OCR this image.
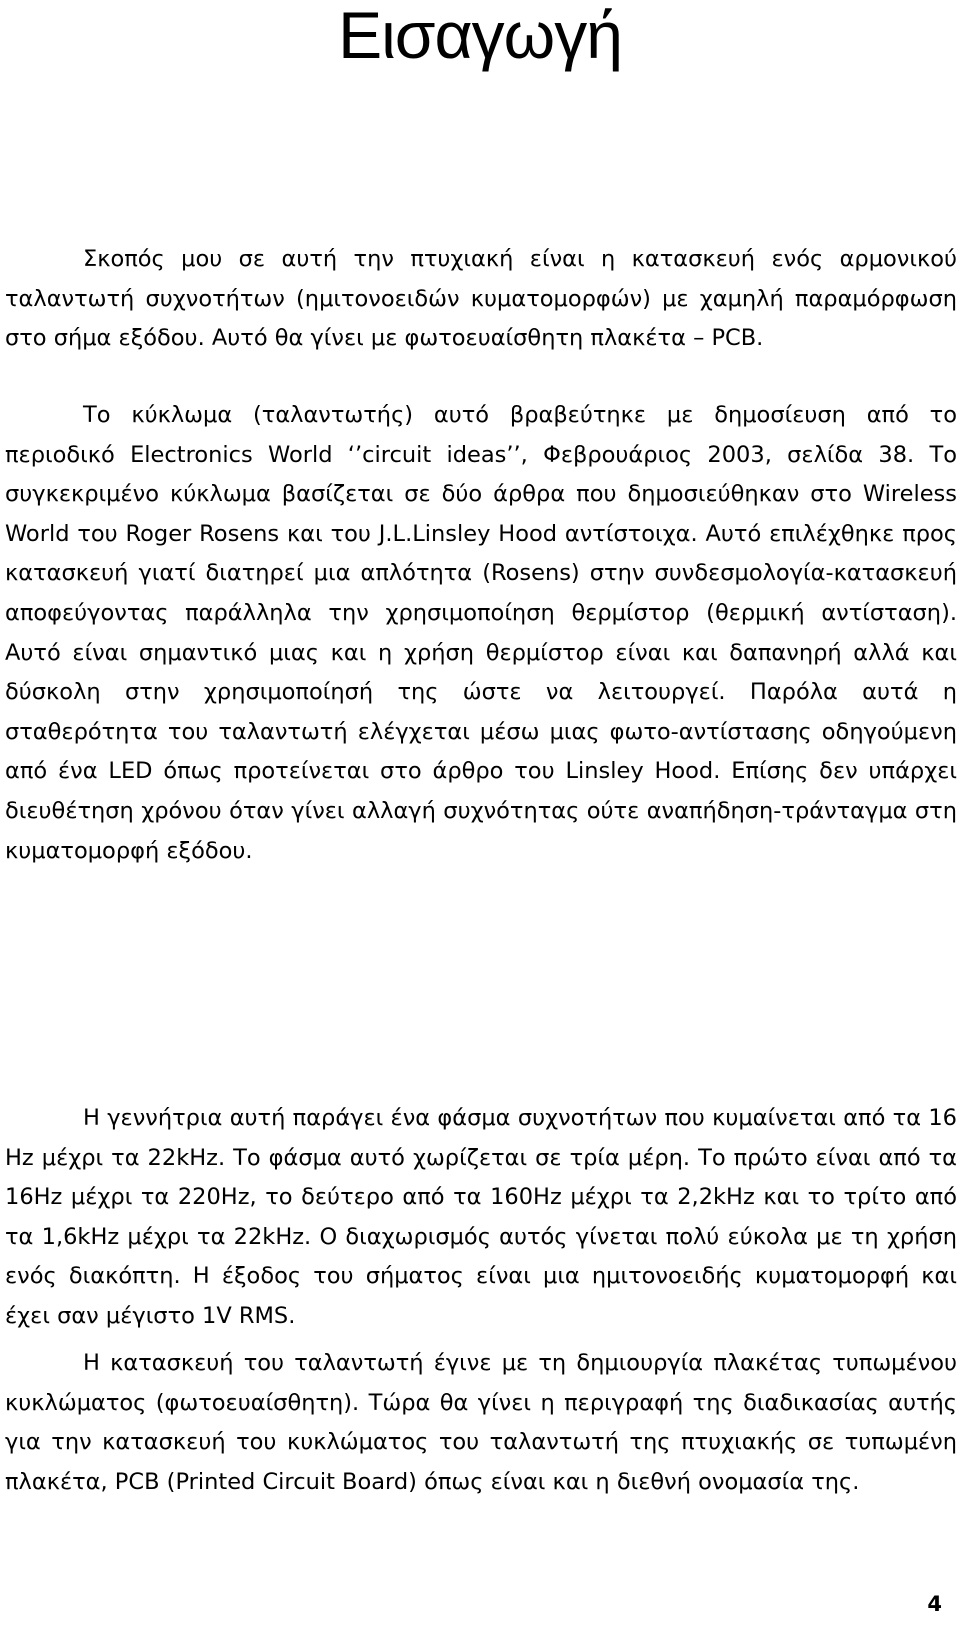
Εισαγωγή

Σκοπός μου σε αυτή την πτυχιακή είναι η κατασκευή ενός αρμονικού ταλαντωτή συχνοτήτων (ημιτονοειδών κυματομορφών) με χαμηλή παραμόρφωση στο σήμα εξόδου. Αυτό θα γίνει με φωτοευαίσθητη πλακέτα – PCB.

Το κύκλωμα (ταλαντωτής) αυτό βραβεύτηκε με δημοσίευση από το περιοδικό Electronics World ‘’circuit ideas’’, Φεβρουάριος 2003, σελίδα 38. Το συγκεκριμένο κύκλωμα βασίζεται σε δύο άρθρα που δημοσιεύθηκαν στο Wireless World του Roger Rosens και του J.L.Linsley Hood αντίστοιχα. Αυτό επιλέχθηκε προς κατασκευή γιατί διατηρεί μια απλότητα (Rosens) στην συνδεσμολογία-κατασκευή αποφεύγοντας παράλληλα την χρησιμοποίηση θερμίστορ (θερμική αντίσταση). Αυτό είναι σημαντικό μιας και η χρήση θερμίστορ είναι και δαπανηρή αλλά και δύσκολη στην χρησιμοποίησή της ώστε να λειτουργεί. Παρόλα αυτά η σταθερότητα του ταλαντωτή ελέγχεται μέσω μιας φωτο-αντίστασης οδηγούμενη από ένα LED όπως προτείνεται στο άρθρο του Linsley Hood. Επίσης δεν υπάρχει διευθέτηση χρόνου όταν γίνει αλλαγή συχνότητας ούτε αναπήδηση-τράνταγμα στη κυματομορφή εξόδου.

Η γεννήτρια αυτή παράγει ένα φάσμα συχνοτήτων που κυμαίνεται από τα 16 Hz μέχρι τα 22kHz. Το φάσμα αυτό χωρίζεται σε τρία μέρη. Το πρώτο είναι από τα 16Hz μέχρι τα 220Hz, το δεύτερο από τα 160Hz μέχρι τα 2,2kHz και το τρίτο από τα 1,6kHz μέχρι τα 22kHz. Ο διαχωρισμός αυτός γίνεται πολύ εύκολα με τη χρήση ενός διακόπτη. Η έξοδος του σήματος είναι μια ημιτονοειδής κυματομορφή και έχει σαν μέγιστο 1V RMS.

Η κατασκευή του ταλαντωτή έγινε με τη δημιουργία πλακέτας τυπωμένου κυκλώματος (φωτοευαίσθητη). Τώρα θα γίνει η περιγραφή της διαδικασίας αυτής για την κατασκευή του κυκλώματος του ταλαντωτή της πτυχιακής σε τυπωμένη πλακέτα, PCB (Printed Circuit Board) όπως είναι και η διεθνή ονομασία της.

4
